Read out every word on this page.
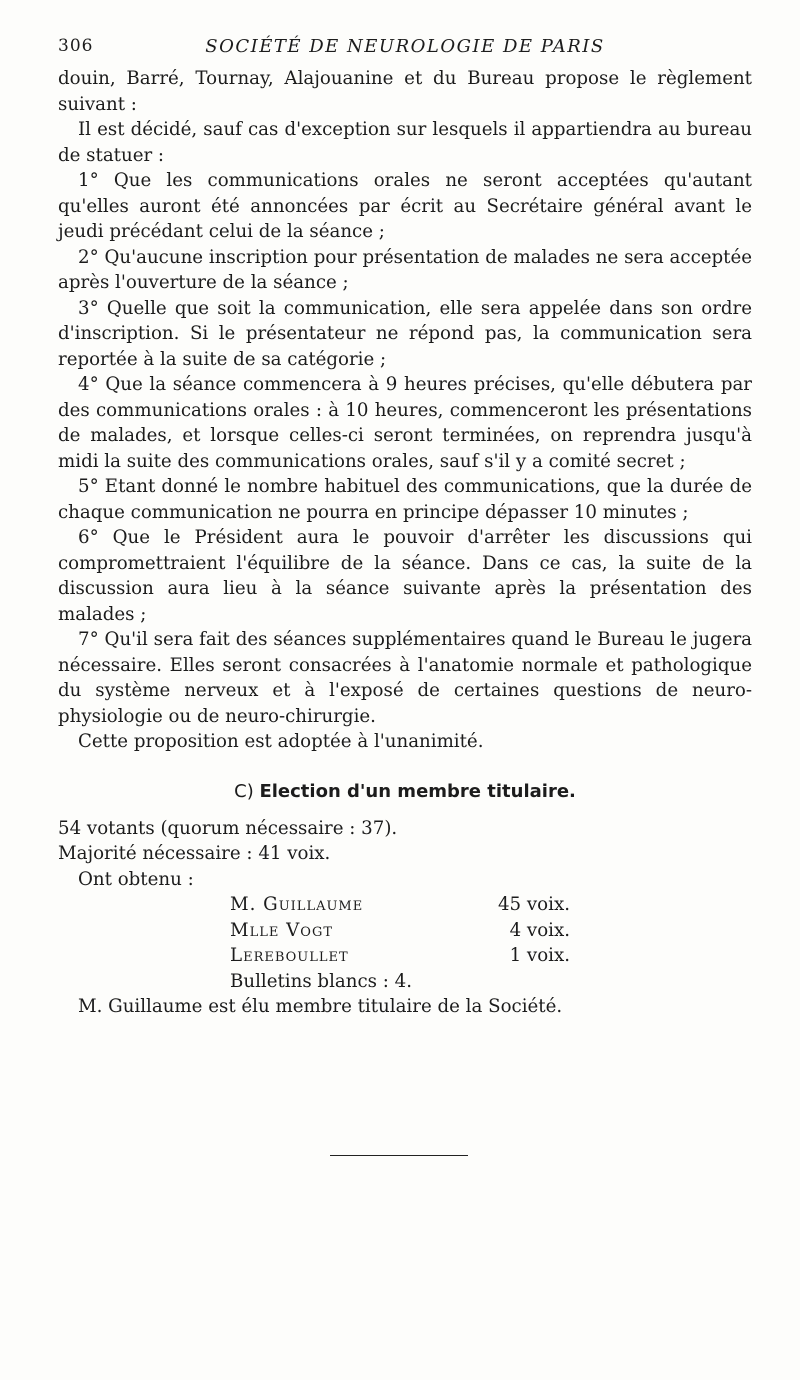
306	SOCIÉTÉ DE NEUROLOGIE DE PARIS

douin, Barré, Tournay, Alajouanine et du Bureau propose le règlement suivant :

Il est décidé, sauf cas d'exception sur lesquels il appartiendra au bureau de statuer :

1° Que les communications orales ne seront acceptées qu'autant qu'elles auront été annoncées par écrit au Secrétaire général avant le jeudi précédant celui de la séance ;

2° Qu'aucune inscription pour présentation de malades ne sera acceptée après l'ouverture de la séance ;

3° Quelle que soit la communication, elle sera appelée dans son ordre d'inscription. Si le présentateur ne répond pas, la communication sera reportée à la suite de sa catégorie ;

4° Que la séance commencera à 9 heures précises, qu'elle débutera par des communications orales : à 10 heures, commenceront les présentations de malades, et lorsque celles-ci seront terminées, on reprendra jusqu'à midi la suite des communications orales, sauf s'il y a comité secret ;

5° Etant donné le nombre habituel des communications, que la durée de chaque communication ne pourra en principe dépasser 10 minutes ;

6° Que le Président aura le pouvoir d'arrêter les discussions qui compromettraient l'équilibre de la séance. Dans ce cas, la suite de la discussion aura lieu à la séance suivante après la présentation des malades ;

7° Qu'il sera fait des séances supplémentaires quand le Bureau le jugera nécessaire. Elles seront consacrées à l'anatomie normale et pathologique du système nerveux et à l'exposé de certaines questions de neuro-physiologie ou de neuro-chirurgie.

Cette proposition est adoptée à l'unanimité.

C) Election d'un membre titulaire.
54 votants (quorum nécessaire : 37).
Majorité nécessaire : 41 voix.
Ont obtenu :
M. Guillaume	45 voix.
Mlle Vogt	4 voix.
Lereboullet	1 voix.
Bulletins blancs : 4.
M. Guillaume est élu membre titulaire de la Société.
